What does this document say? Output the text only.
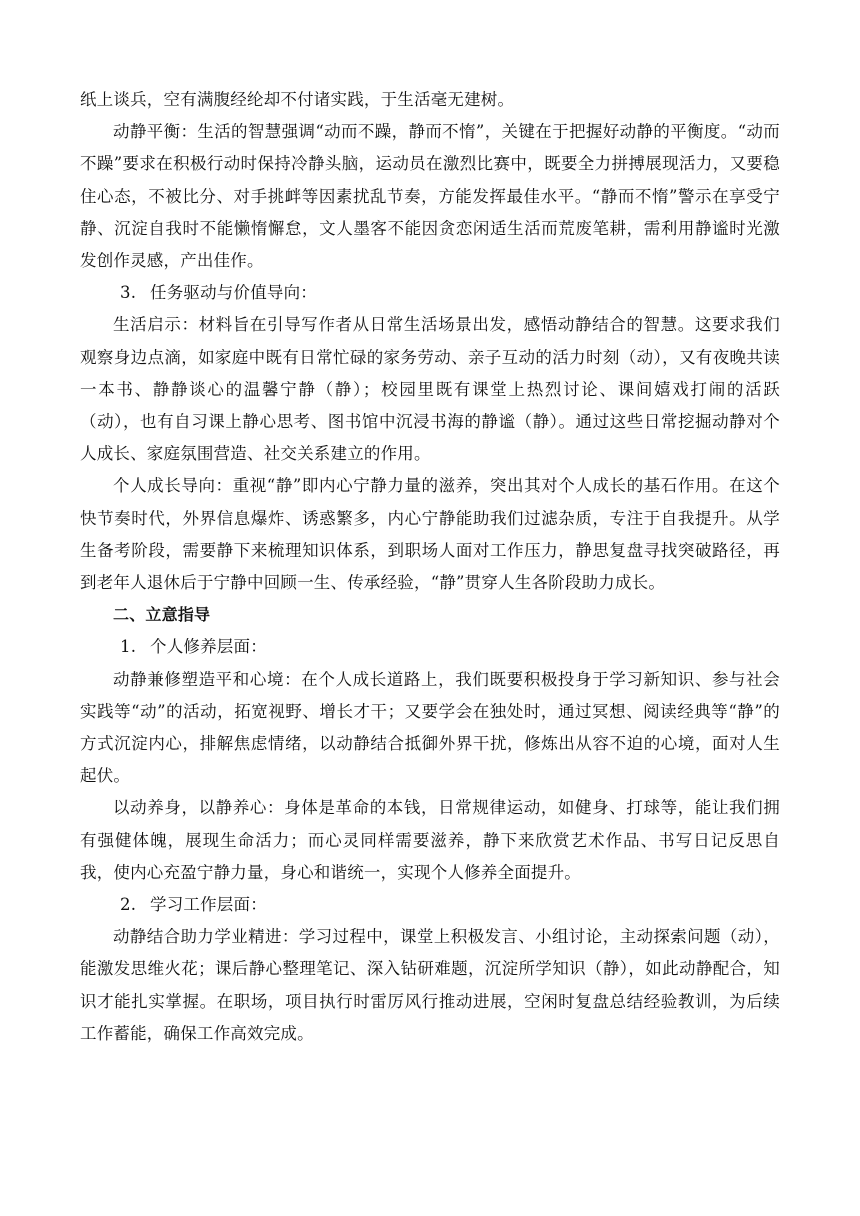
纸上谈兵，空有满腹经纶却不付诸实践，于生活毫无建树。

动静平衡：生活的智慧强调“动而不躁，静而不惰”，关键在于把握好动静的平衡度。“动而不躁”要求在积极行动时保持冷静头脑，运动员在激烈比赛中，既要全力拼搏展现活力，又要稳住心态，不被比分、对手挑衅等因素扰乱节奏，方能发挥最佳水平。“静而不惰”警示在享受宁静、沉淀自我时不能懒惰懈怠，文人墨客不能因贪恋闲适生活而荒废笔耕，需利用静谧时光激发创作灵感，产出佳作。

3. 任务驱动与价值导向：

生活启示：材料旨在引导写作者从日常生活场景出发，感悟动静结合的智慧。这要求我们观察身边点滴，如家庭中既有日常忙碌的家务劳动、亲子互动的活力时刻（动），又有夜晚共读一本书、静静谈心的温馨宁静（静）；校园里既有课堂上热烈讨论、课间嬉戏打闹的活跃（动），也有自习课上静心思考、图书馆中沉浸书海的静谧（静）。通过这些日常挖掘动静对个人成长、家庭氛围营造、社交关系建立的作用。

个人成长导向：重视“静”即内心宁静力量的滋养，突出其对个人成长的基石作用。在这个快节奏时代，外界信息爆炸、诱惑繁多，内心宁静能助我们过滤杂质，专注于自我提升。从学生备考阶段，需要静下来梳理知识体系，到职场人面对工作压力，静思复盘寻找突破路径，再到老年人退休后于宁静中回顾一生、传承经验，“静”贯穿人生各阶段助力成长。

二、立意指导

1. 个人修养层面：

动静兼修塑造平和心境：在个人成长道路上，我们既要积极投身于学习新知识、参与社会实践等“动”的活动，拓宽视野、增长才干；又要学会在独处时，通过冥想、阅读经典等“静”的方式沉淀内心，排解焦虑情绪，以动静结合抵御外界干扰，修炼出从容不迫的心境，面对人生起伏。

以动养身，以静养心：身体是革命的本钱，日常规律运动，如健身、打球等，能让我们拥有强健体魄，展现生命活力；而心灵同样需要滋养，静下来欣赏艺术作品、书写日记反思自我，使内心充盈宁静力量，身心和谐统一，实现个人修养全面提升。

2. 学习工作层面：

动静结合助力学业精进：学习过程中，课堂上积极发言、小组讨论，主动探索问题（动），能激发思维火花；课后静心整理笔记、深入钻研难题，沉淀所学知识（静），如此动静配合，知识才能扎实掌握。在职场，项目执行时雷厉风行推动进展，空闲时复盘总结经验教训，为后续工作蓄能，确保工作高效完成。
